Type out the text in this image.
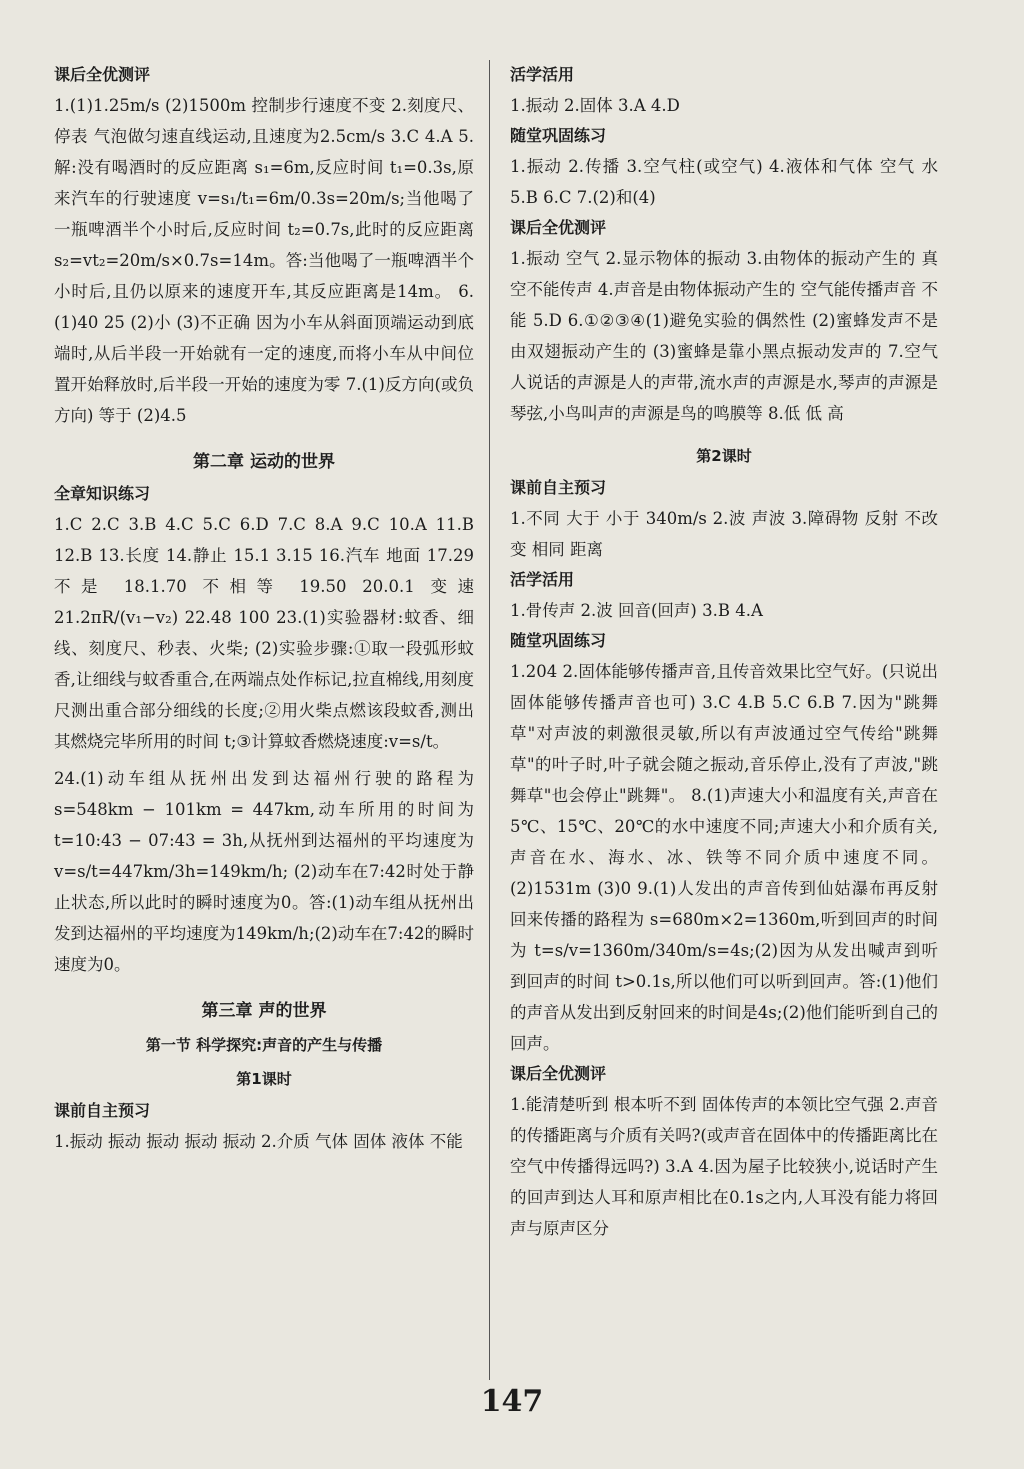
课后全优测评

1.(1)1.25m/s (2)1500m 控制步行速度不变 2.刻度尺、停表 气泡做匀速直线运动,且速度为2.5cm/s 3.C 4.A 5.解:没有喝酒时的反应距离 s₁=6m,反应时间 t₁=0.3s,原来汽车的行驶速度 v=s₁/t₁=6m/0.3s=20m/s;当他喝了一瓶啤酒半个小时后,反应时间 t₂=0.7s,此时的反应距离 s₂=vt₂=20m/s×0.7s=14m。答:当他喝了一瓶啤酒半个小时后,且仍以原来的速度开车,其反应距离是14m。 6.(1)40 25 (2)小 (3)不正确 因为小车从斜面顶端运动到底端时,从后半段一开始就有一定的速度,而将小车从中间位置开始释放时,后半段一开始的速度为零 7.(1)反方向(或负方向) 等于 (2)4.5

第二章 运动的世界
全章知识练习

1.C 2.C 3.B 4.C 5.C 6.D 7.C 8.A 9.C 10.A 11.B 12.B 13.长度 14.静止 15.1 3.15 16.汽车 地面 17.29 不是 18.1.70 不相等 19.50 20.0.1 变速 21.2πR/(v₁−v₂) 22.48 100 23.(1)实验器材:蚊香、细线、刻度尺、秒表、火柴; (2)实验步骤:①取一段弧形蚊香,让细线与蚊香重合,在两端点处作标记,拉直棉线,用刻度尺测出重合部分细线的长度;②用火柴点燃该段蚊香,测出其燃烧完毕所用的时间 t;③计算蚊香燃烧速度:v=s/t。

24.(1)动车组从抚州出发到达福州行驶的路程为 s=548km − 101km = 447km,动车所用的时间为 t=10:43 − 07:43 = 3h,从抚州到达福州的平均速度为 v=s/t=447km/3h=149km/h; (2)动车在7:42时处于静止状态,所以此时的瞬时速度为0。答:(1)动车组从抚州出发到达福州的平均速度为149km/h;(2)动车在7:42的瞬时速度为0。

第三章 声的世界
第一节 科学探究:声音的产生与传播
第1课时
课前自主预习

1.振动 振动 振动 振动 振动 2.介质 气体 固体 液体 不能

活学活用

1.振动 2.固体 3.A 4.D

随堂巩固练习

1.振动 2.传播 3.空气柱(或空气) 4.液体和气体 空气 水 5.B 6.C 7.(2)和(4)

课后全优测评

1.振动 空气 2.显示物体的振动 3.由物体的振动产生的 真空不能传声 4.声音是由物体振动产生的 空气能传播声音 不能 5.D 6.①②③④(1)避免实验的偶然性 (2)蜜蜂发声不是由双翅振动产生的 (3)蜜蜂是靠小黑点振动发声的 7.空气 人说话的声源是人的声带,流水声的声源是水,琴声的声源是琴弦,小鸟叫声的声源是鸟的鸣膜等 8.低 低 高

第2课时
课前自主预习

1.不同 大于 小于 340m/s 2.波 声波 3.障碍物 反射 不改变 相同 距离

活学活用

1.骨传声 2.波 回音(回声) 3.B 4.A

随堂巩固练习

1.204 2.固体能够传播声音,且传音效果比空气好。(只说出固体能够传播声音也可) 3.C 4.B 5.C 6.B 7.因为"跳舞草"对声波的刺激很灵敏,所以有声波通过空气传给"跳舞草"的叶子时,叶子就会随之振动,音乐停止,没有了声波,"跳舞草"也会停止"跳舞"。 8.(1)声速大小和温度有关,声音在5℃、15℃、20℃的水中速度不同;声速大小和介质有关,声音在水、海水、冰、铁等不同介质中速度不同。 (2)1531m (3)0 9.(1)人发出的声音传到仙姑瀑布再反射回来传播的路程为 s=680m×2=1360m,听到回声的时间为 t=s/v=1360m/340m/s=4s;(2)因为从发出喊声到听到回声的时间 t>0.1s,所以他们可以听到回声。答:(1)他们的声音从发出到反射回来的时间是4s;(2)他们能听到自己的回声。

课后全优测评

1.能清楚听到 根本听不到 固体传声的本领比空气强 2.声音的传播距离与介质有关吗?(或声音在固体中的传播距离比在空气中传播得远吗?) 3.A 4.因为屋子比较狭小,说话时产生的回声到达人耳和原声相比在0.1s之内,人耳没有能力将回声与原声区分

147
